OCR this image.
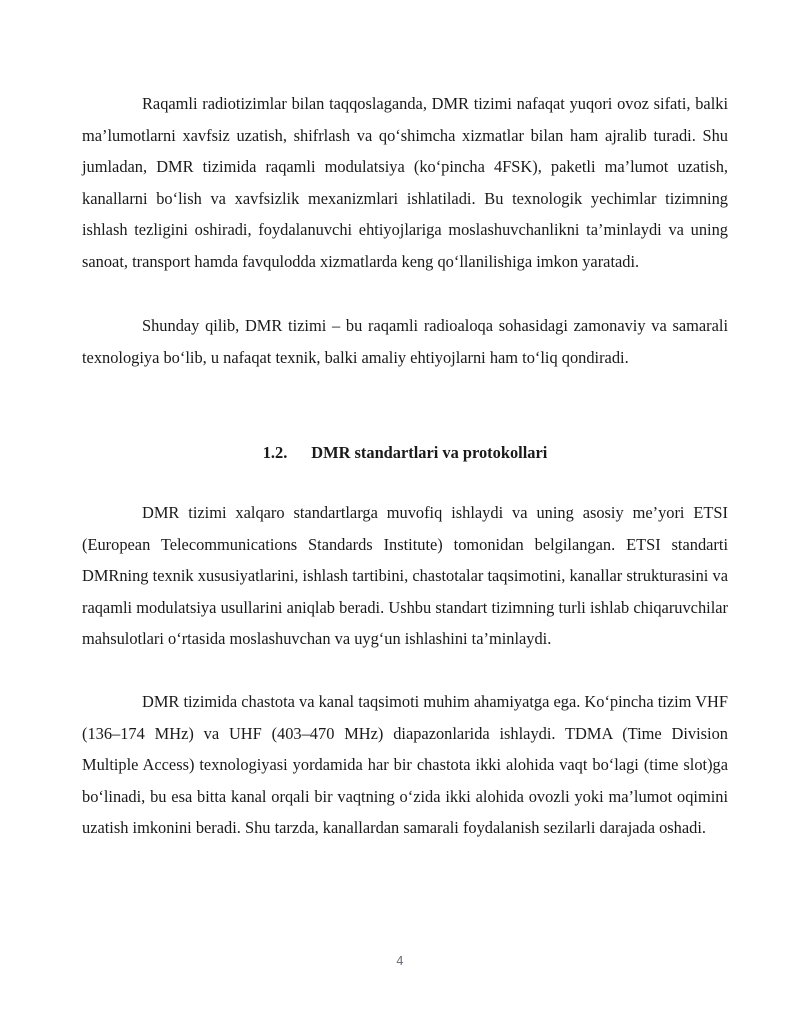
Raqamli radiotizimlar bilan taqqoslaganda, DMR tizimi nafaqat yuqori ovoz sifati, balki ma’lumotlarni xavfsiz uzatish, shifrlash va qo‘shimcha xizmatlar bilan ham ajralib turadi. Shu jumladan, DMR tizimida raqamli modulatsiya (ko‘pincha 4FSK), paketli ma’lumot uzatish, kanallarni bo‘lish va xavfsizlik mexanizmlari ishlatiladi. Bu texnologik yechimlar tizimning ishlash tezligini oshiradi, foydalanuvchi ehtiyojlariga moslashuvchanlikni ta’minlaydi va uning sanoat, transport hamda favqulodda xizmatlarda keng qo‘llanilishiga imkon yaratadi.

Shunday qilib, DMR tizimi – bu raqamli radioaloqa sohasidagi zamonaviy va samarali texnologiya bo‘lib, u nafaqat texnik, balki amaliy ehtiyojlarni ham to‘liq qondiradi.

1.2. DMR standartlari va protokollari

DMR tizimi xalqaro standartlarga muvofiq ishlaydi va uning asosiy me’yori ETSI (European Telecommunications Standards Institute) tomonidan belgilangan. ETSI standarti DMRning texnik xususiyatlarini, ishlash tartibini, chastotalar taqsimotini, kanallar strukturasini va raqamli modulatsiya usullarini aniqlab beradi. Ushbu standart tizimning turli ishlab chiqaruvchilar mahsulotlari o‘rtasida moslashuvchan va uyg‘un ishlashini ta’minlaydi.

DMR tizimida chastota va kanal taqsimoti muhim ahamiyatga ega. Ko‘pincha tizim VHF (136–174 MHz) va UHF (403–470 MHz) diapazonlarida ishlaydi. TDMA (Time Division Multiple Access) texnologiyasi yordamida har bir chastota ikki alohida vaqt bo‘lagi (time slot)ga bo‘linadi, bu esa bitta kanal orqali bir vaqtning o‘zida ikki alohida ovozli yoki ma’lumot oqimini uzatish imkonini beradi. Shu tarzda, kanallardan samarali foydalanish sezilarli darajada oshadi.

4
